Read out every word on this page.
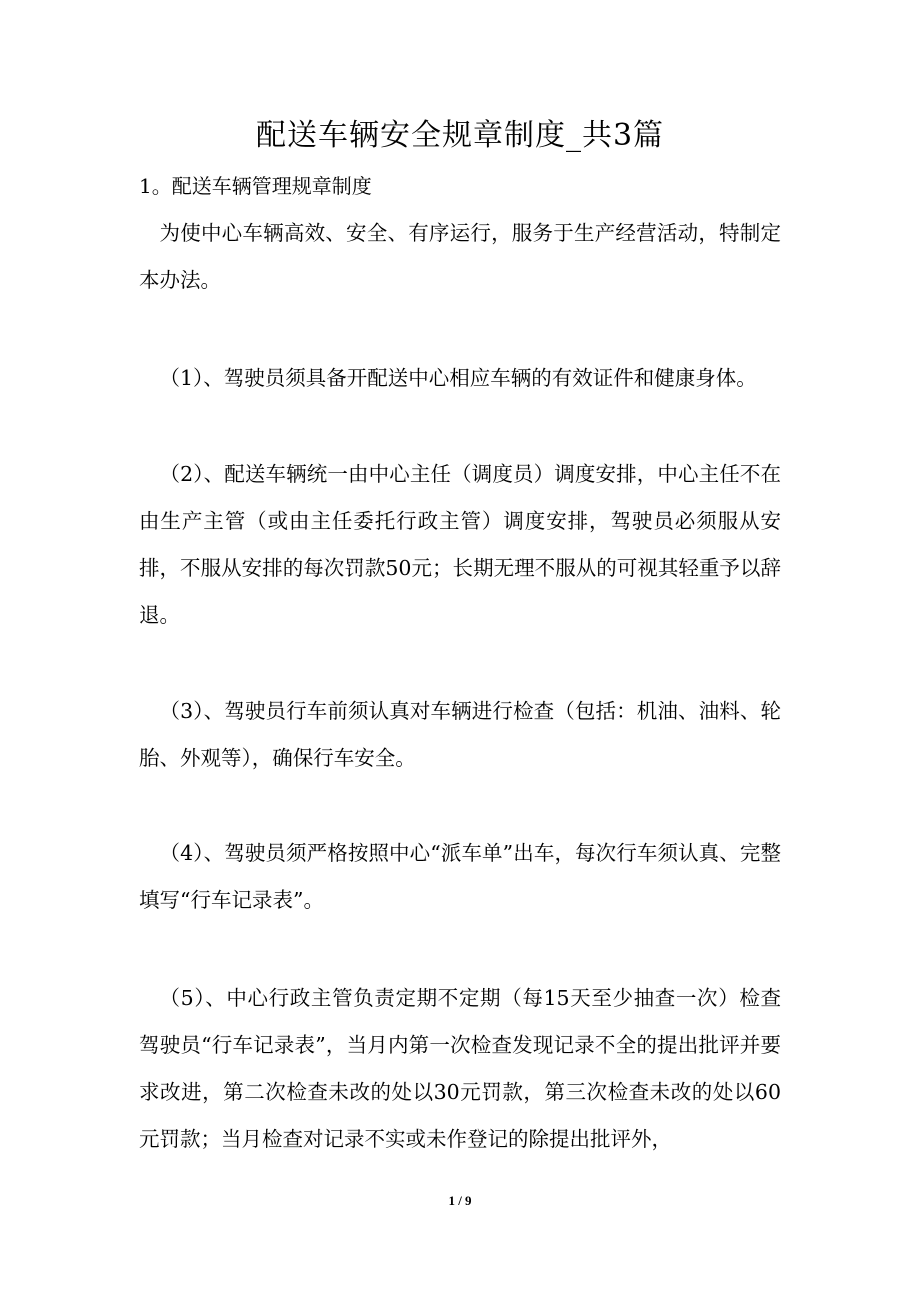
配送车辆安全规章制度_共3篇

1。配送车辆管理规章制度

为使中心车辆高效、安全、有序运行，服务于生产经营活动，特制定本办法。

（1）、驾驶员须具备开配送中心相应车辆的有效证件和健康身体。

（2）、配送车辆统一由中心主任（调度员）调度安排，中心主任不在由生产主管（或由主任委托行政主管）调度安排，驾驶员必须服从安排，不服从安排的每次罚款50元；长期无理不服从的可视其轻重予以辞退。

（3）、驾驶员行车前须认真对车辆进行检查（包括：机油、油料、轮胎、外观等），确保行车安全。

（4）、驾驶员须严格按照中心“派车单”出车，每次行车须认真、完整填写“行车记录表”。

（5）、中心行政主管负责定期不定期（每15天至少抽查一次）检查驾驶员“行车记录表”，当月内第一次检查发现记录不全的提出批评并要求改进，第二次检查未改的处以30元罚款，第三次检查未改的处以60元罚款；当月检查对记录不实或未作登记的除提出批评外，

1 / 9
